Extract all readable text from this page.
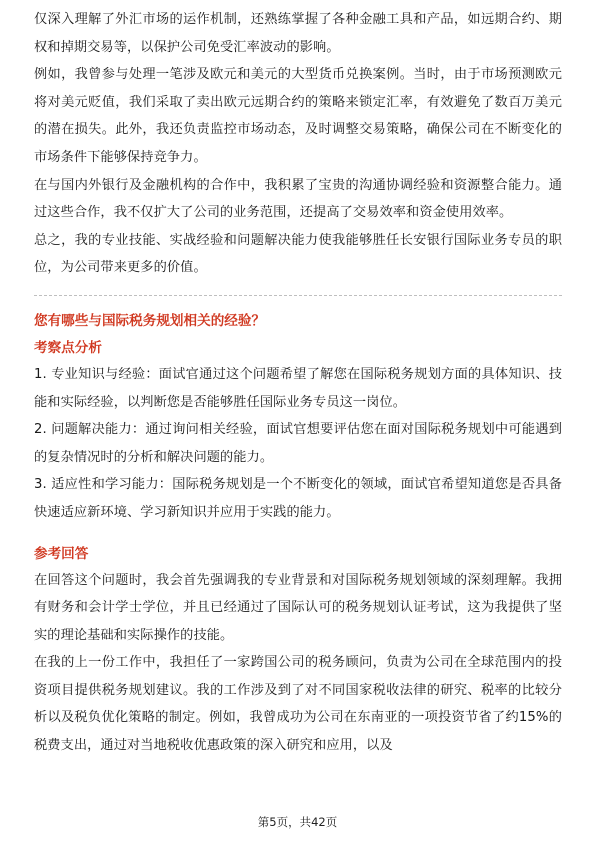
仅深入理解了外汇市场的运作机制，还熟练掌握了各种金融工具和产品，如远期合约、期权和掉期交易等，以保护公司免受汇率波动的影响。

例如，我曾参与处理一笔涉及欧元和美元的大型货币兑换案例。当时，由于市场预测欧元将对美元贬值，我们采取了卖出欧元远期合约的策略来锁定汇率，有效避免了数百万美元的潜在损失。此外，我还负责监控市场动态，及时调整交易策略，确保公司在不断变化的市场条件下能够保持竞争力。

在与国内外银行及金融机构的合作中，我积累了宝贵的沟通协调经验和资源整合能力。通过这些合作，我不仅扩大了公司的业务范围，还提高了交易效率和资金使用效率。

总之，我的专业技能、实战经验和问题解决能力使我能够胜任长安银行国际业务专员的职位，为公司带来更多的价值。

您有哪些与国际税务规划相关的经验？
考察点分析

1. 专业知识与经验：面试官通过这个问题希望了解您在国际税务规划方面的具体知识、技能和实际经验，以判断您是否能够胜任国际业务专员这一岗位。

2. 问题解决能力：通过询问相关经验，面试官想要评估您在面对国际税务规划中可能遇到的复杂情况时的分析和解决问题的能力。

3. 适应性和学习能力：国际税务规划是一个不断变化的领域，面试官希望知道您是否具备快速适应新环境、学习新知识并应用于实践的能力。

参考回答

在回答这个问题时，我会首先强调我的专业背景和对国际税务规划领域的深刻理解。我拥有财务和会计学士学位，并且已经通过了国际认可的税务规划认证考试，这为我提供了坚实的理论基础和实际操作的技能。

在我的上一份工作中，我担任了一家跨国公司的税务顾问，负责为公司在全球范围内的投资项目提供税务规划建议。我的工作涉及到了对不同国家税收法律的研究、税率的比较分析以及税负优化策略的制定。例如，我曾成功为公司在东南亚的一项投资节省了约15%的税费支出，通过对当地税收优惠政策的深入研究和应用，以及

第5页，共42页
